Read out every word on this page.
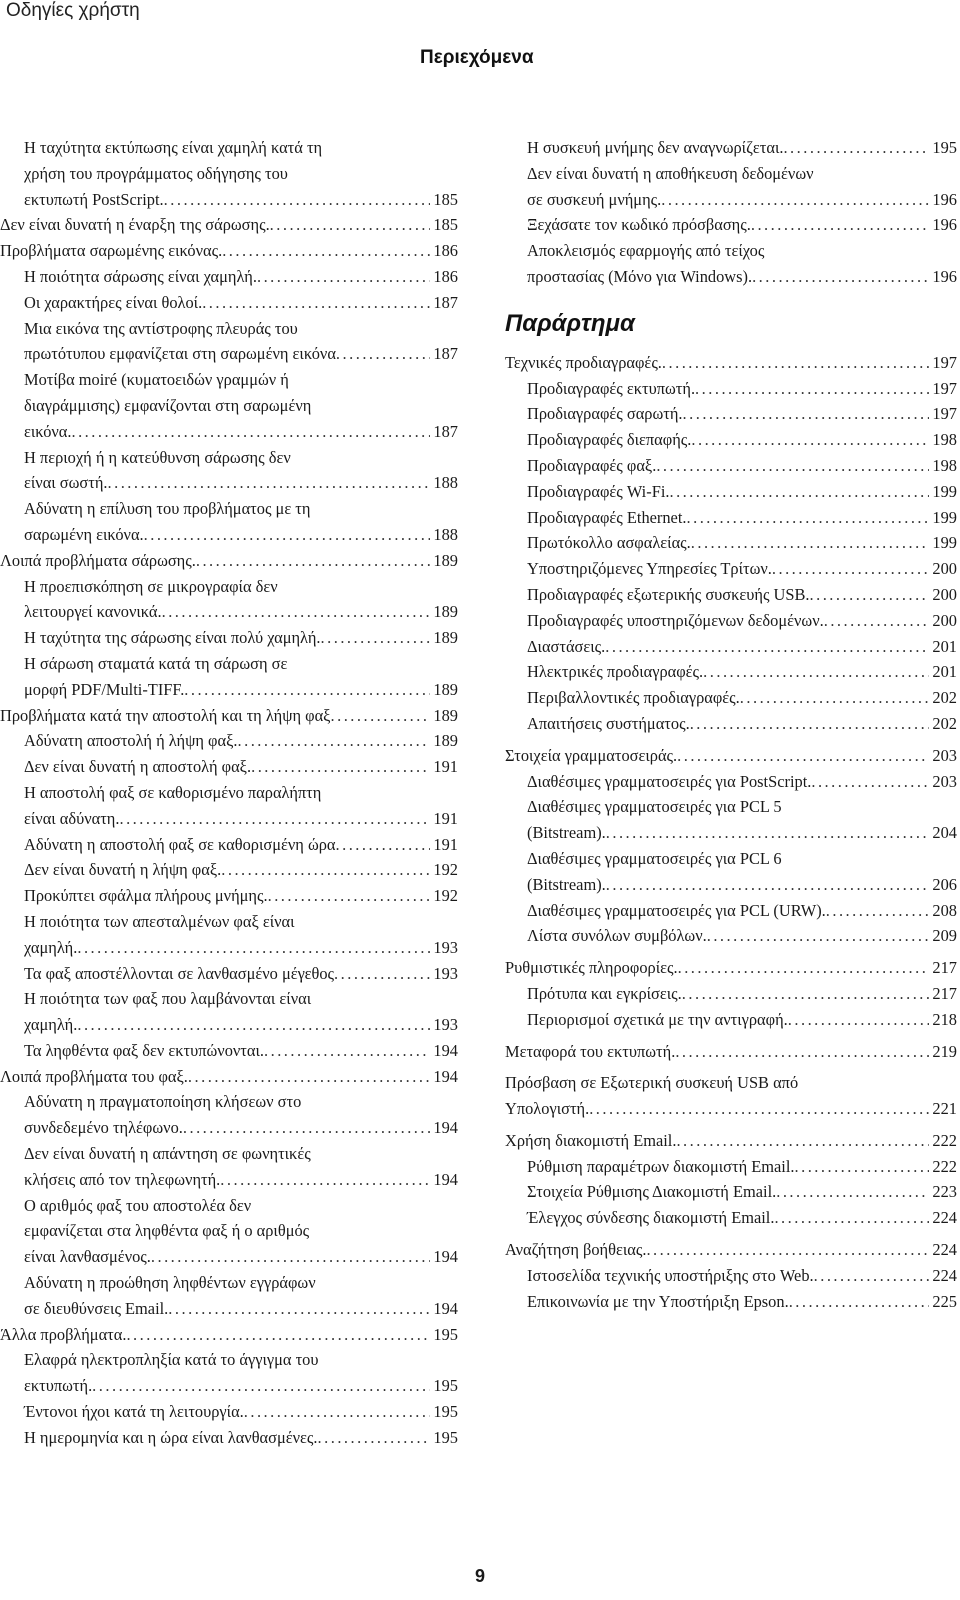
Οδηγίες χρήστη
Περιεχόμενα
Η ταχύτητα εκτύπωσης είναι χαμηλή κατά τη
χρήση του προγράμματος οδήγησης του
εκτυπωτή PostScript. .....	185
Δεν είναι δυνατή η έναρξη της σάρωσης. .....	185
Προβλήματα σαρωμένης εικόνας. .....	186
Η ποιότητα σάρωσης είναι χαμηλή. .....	186
Οι χαρακτήρες είναι θολοί. .....	187
Μια εικόνα της αντίστροφης πλευράς του
πρωτότυπου εμφανίζεται στη σαρωμένη εικόνα .....	187
Μοτίβα moiré (κυματοειδών γραμμών ή
διαγράμμισης) εμφανίζονται στη σαρωμένη
εικόνα. .....	187
Η περιοχή ή η κατεύθυνση σάρωσης δεν
είναι σωστή. .....	188
Αδύνατη η επίλυση του προβλήματος με τη
σαρωμένη εικόνα. .....	188
Λοιπά προβλήματα σάρωσης. .....	189
Η προεπισκόπηση σε μικρογραφία δεν
λειτουργεί κανονικά. .....	189
Η ταχύτητα της σάρωσης είναι πολύ χαμηλή. .....	189
Η σάρωση σταματά κατά τη σάρωση σε
μορφή PDF/Multi-TIFF. .....	189
Προβλήματα κατά την αποστολή και τη λήψη φαξ .....	189
Αδύνατη αποστολή ή λήψη φαξ. .....	189
Δεν είναι δυνατή η αποστολή φαξ. .....	191
Η αποστολή φαξ σε καθορισμένο παραλήπτη
είναι αδύνατη. .....	191
Αδύνατη η αποστολή φαξ σε καθορισμένη ώρα .....	191
Δεν είναι δυνατή η λήψη φαξ. .....	192
Προκύπτει σφάλμα πλήρους μνήμης. .....	192
Η ποιότητα των απεσταλμένων φαξ είναι
χαμηλή. .....	193
Τα φαξ αποστέλλονται σε λανθασμένο μέγεθος .....	193
Η ποιότητα των φαξ που λαμβάνονται είναι
χαμηλή. .....	193
Τα ληφθέντα φαξ δεν εκτυπώνονται. .....	194
Λοιπά προβλήματα του φαξ. .....	194
Αδύνατη η πραγματοποίηση κλήσεων στο
συνδεδεμένο τηλέφωνο. .....	194
Δεν είναι δυνατή η απάντηση σε φωνητικές
κλήσεις από τον τηλεφωνητή. .....	194
Ο αριθμός φαξ του αποστολέα δεν
εμφανίζεται στα ληφθέντα φαξ ή ο αριθμός
είναι λανθασμένος. .....	194
Αδύνατη η προώθηση ληφθέντων εγγράφων
σε διευθύνσεις Email. .....	194
Άλλα προβλήματα. .....	195
Ελαφρά ηλεκτροπληξία κατά το άγγιγμα του
εκτυπωτή. .....	195
Έντονοι ήχοι κατά τη λειτουργία. .....	195
Η ημερομηνία και η ώρα είναι λανθασμένες. .....	195
Η συσκευή μνήμης δεν αναγνωρίζεται. .....	195
Δεν είναι δυνατή η αποθήκευση δεδομένων
σε συσκευή μνήμης. .....	196
Ξεχάσατε τον κωδικό πρόσβασης. .....	196
Αποκλεισμός εφαρμογής από τείχος
προστασίας (Μόνο για Windows). .....	196
Παράρτημα
Τεχνικές προδιαγραφές. .....	197
Προδιαγραφές εκτυπωτή. .....	197
Προδιαγραφές σαρωτή. .....	197
Προδιαγραφές διεπαφής. .....	198
Προδιαγραφές φαξ. .....	198
Προδιαγραφές Wi-Fi. .....	199
Προδιαγραφές Ethernet. .....	199
Πρωτόκολλο ασφαλείας. .....	199
Υποστηριζόμενες Υπηρεσίες Τρίτων. .....	200
Προδιαγραφές εξωτερικής συσκευής USB. .....	200
Προδιαγραφές υποστηριζόμενων δεδομένων. .....	200
Διαστάσεις. .....	201
Ηλεκτρικές προδιαγραφές. .....	201
Περιβαλλοντικές προδιαγραφές. .....	202
Απαιτήσεις συστήματος. .....	202
Στοιχεία γραμματοσειράς. .....	203
Διαθέσιμες γραμματοσειρές για PostScript. .....	203
Διαθέσιμες γραμματοσειρές για PCL 5
(Bitstream). .....	204
Διαθέσιμες γραμματοσειρές για PCL 6
(Bitstream). .....	206
Διαθέσιμες γραμματοσειρές για PCL (URW). .....	208
Λίστα συνόλων συμβόλων. .....	209
Ρυθμιστικές πληροφορίες. .....	217
Πρότυπα και εγκρίσεις. .....	217
Περιορισμοί σχετικά με την αντιγραφή. .....	218
Μεταφορά του εκτυπωτή. .....	219
Πρόσβαση σε Εξωτερική συσκευή USB από
Υπολογιστή. .....	221
Χρήση διακομιστή Email. .....	222
Ρύθμιση παραμέτρων διακομιστή Email. .....	222
Στοιχεία Ρύθμισης Διακομιστή Email. .....	223
Έλεγχος σύνδεσης διακομιστή Email. .....	224
Αναζήτηση βοήθειας. .....	224
Ιστοσελίδα τεχνικής υποστήριξης στο Web. .....	224
Επικοινωνία με την Υποστήριξη Epson. .....	225
9
